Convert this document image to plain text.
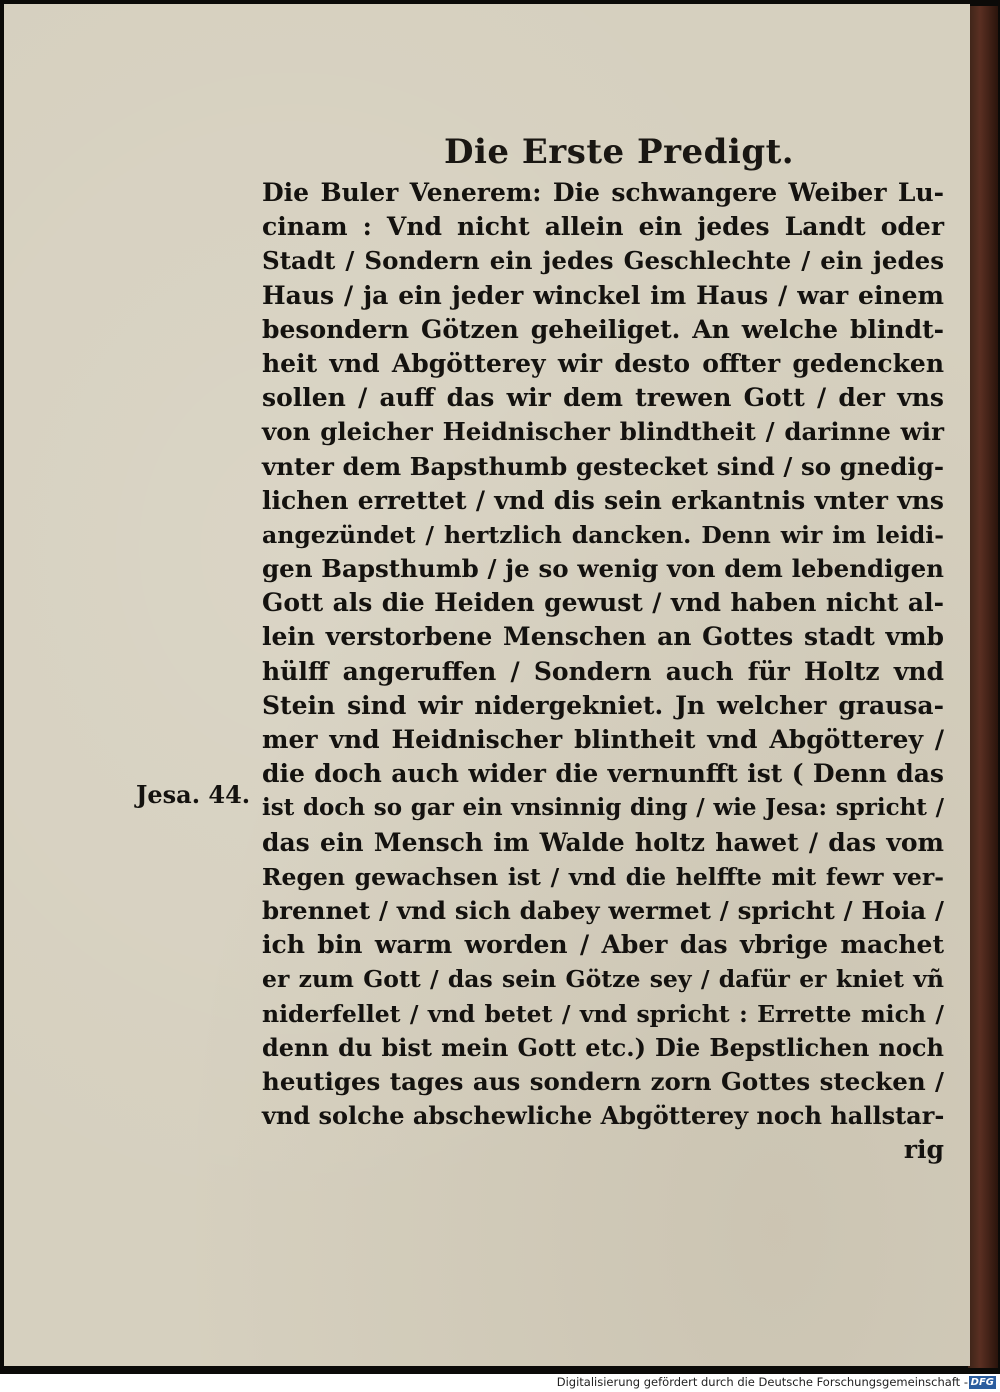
Die Erste Predigt.
Jesa. 44.
Die Buler Venerem: Die schwangere Weiber Lu-
cinam : Vnd nicht allein ein jedes Landt oder
Stadt / Sondern ein jedes Geschlechte / ein jedes
Haus / ja ein jeder winckel im Haus / war einem
besondern Götzen geheiliget. An welche blindt-
heit vnd Abgötterey wir desto offter gedencken
sollen / auff das wir dem trewen Gott / der vns
von gleicher Heidnischer blindtheit / darinne wir
vnter dem Bapsthumb gestecket sind / so gnedig-
lichen errettet / vnd dis sein erkantnis vnter vns
angezündet / hertzlich dancken. Denn wir im leidi-
gen Bapsthumb / je so wenig von dem lebendigen
Gott als die Heiden gewust / vnd haben nicht al-
lein verstorbene Menschen an Gottes stadt vmb
hülff angeruffen / Sondern auch für Holtz vnd
Stein sind wir nidergekniet. Jn welcher grausa-
mer vnd Heidnischer blintheit vnd Abgötterey /
die doch auch wider die vernunfft ist ( Denn das
ist doch so gar ein vnsinnig ding / wie Jesa: spricht /
das ein Mensch im Walde holtz hawet / das vom
Regen gewachsen ist / vnd die helffte mit fewr ver-
brennet / vnd sich dabey wermet / spricht / Hoia /
ich bin warm worden / Aber das vbrige machet
er zum Gott / das sein Götze sey / dafür er kniet vñ
niderfellet / vnd betet / vnd spricht : Errette mich /
denn du bist mein Gott etc.) Die Bepstlichen noch
heutiges tages aus sondern zorn Gottes stecken /
vnd solche abschewliche Abgötterey noch hallstar-
rig
Digitalisierung gefördert durch die Deutsche Forschungsgemeinschaft - DFG
